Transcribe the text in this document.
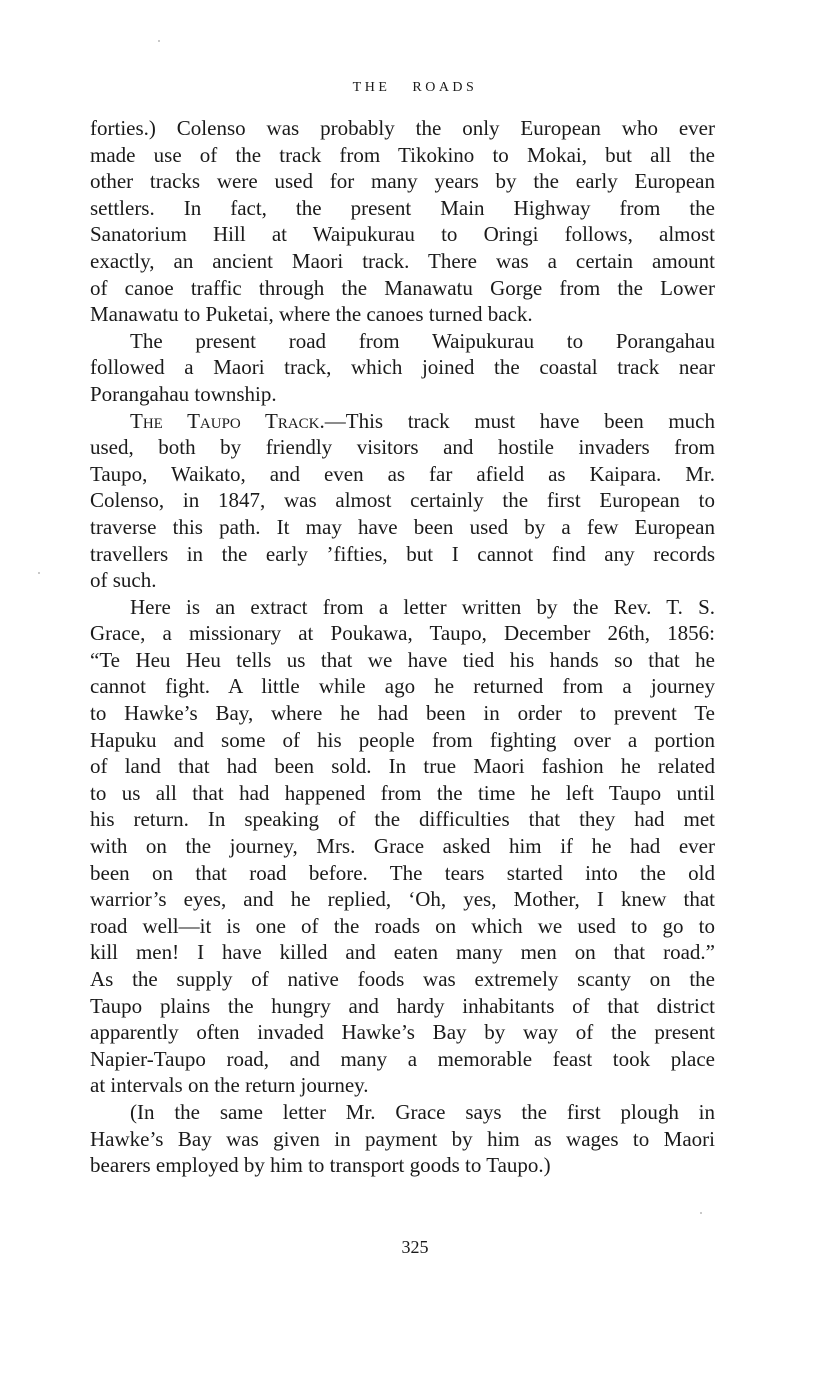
THE ROADS
forties.) Colenso was probably the only European who ever
made use of the track from Tikokino to Mokai, but all the
other tracks were used for many years by the early European
settlers. In fact, the present Main Highway from the
Sanatorium Hill at Waipukurau to Oringi follows, almost
exactly, an ancient Maori track. There was a certain amount
of canoe traffic through the Manawatu Gorge from the Lower
Manawatu to Puketai, where the canoes turned back.
The present road from Waipukurau to Porangahau
followed a Maori track, which joined the coastal track near
Porangahau township.
The Taupo Track.—This track must have been much
used, both by friendly visitors and hostile invaders from
Taupo, Waikato, and even as far afield as Kaipara. Mr.
Colenso, in 1847, was almost certainly the first European to
traverse this path. It may have been used by a few European
travellers in the early ’fifties, but I cannot find any records
of such.
Here is an extract from a letter written by the Rev. T. S.
Grace, a missionary at Poukawa, Taupo, December 26th, 1856:
“Te Heu Heu tells us that we have tied his hands so that he
cannot fight. A little while ago he returned from a journey
to Hawke’s Bay, where he had been in order to prevent Te
Hapuku and some of his people from fighting over a portion
of land that had been sold. In true Maori fashion he related
to us all that had happened from the time he left Taupo until
his return. In speaking of the difficulties that they had met
with on the journey, Mrs. Grace asked him if he had ever
been on that road before. The tears started into the old
warrior’s eyes, and he replied, ‘Oh, yes, Mother, I knew that
road well—it is one of the roads on which we used to go to
kill men! I have killed and eaten many men on that road.”
As the supply of native foods was extremely scanty on the
Taupo plains the hungry and hardy inhabitants of that district
apparently often invaded Hawke’s Bay by way of the present
Napier-Taupo road, and many a memorable feast took place
at intervals on the return journey.
(In the same letter Mr. Grace says the first plough in
Hawke’s Bay was given in payment by him as wages to Maori
bearers employed by him to transport goods to Taupo.)
325
